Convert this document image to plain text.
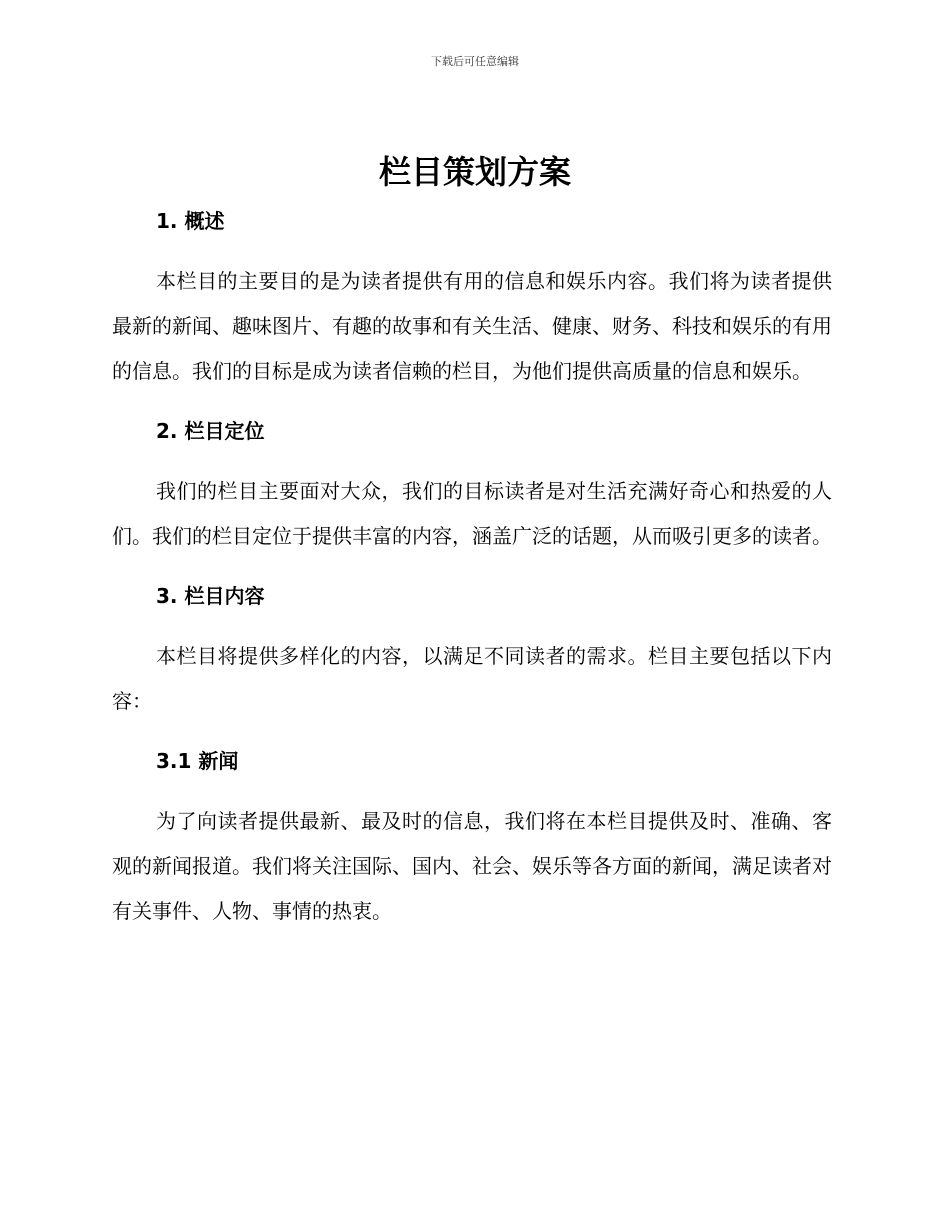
下载后可任意编辑
栏目策划方案
1. 概述

本栏目的主要目的是为读者提供有用的信息和娱乐内容。我们将为读者提供最新的新闻、趣味图片、有趣的故事和有关生活、健康、财务、科技和娱乐的有用的信息。我们的目标是成为读者信赖的栏目，为他们提供高质量的信息和娱乐。

2. 栏目定位

我们的栏目主要面对大众，我们的目标读者是对生活充满好奇心和热爱的人们。我们的栏目定位于提供丰富的内容，涵盖广泛的话题，从而吸引更多的读者。

3. 栏目内容

本栏目将提供多样化的内容，以满足不同读者的需求。栏目主要包括以下内容：

3.1 新闻

为了向读者提供最新、最及时的信息，我们将在本栏目提供及时、准确、客观的新闻报道。我们将关注国际、国内、社会、娱乐等各方面的新闻，满足读者对有关事件、人物、事情的热衷。
